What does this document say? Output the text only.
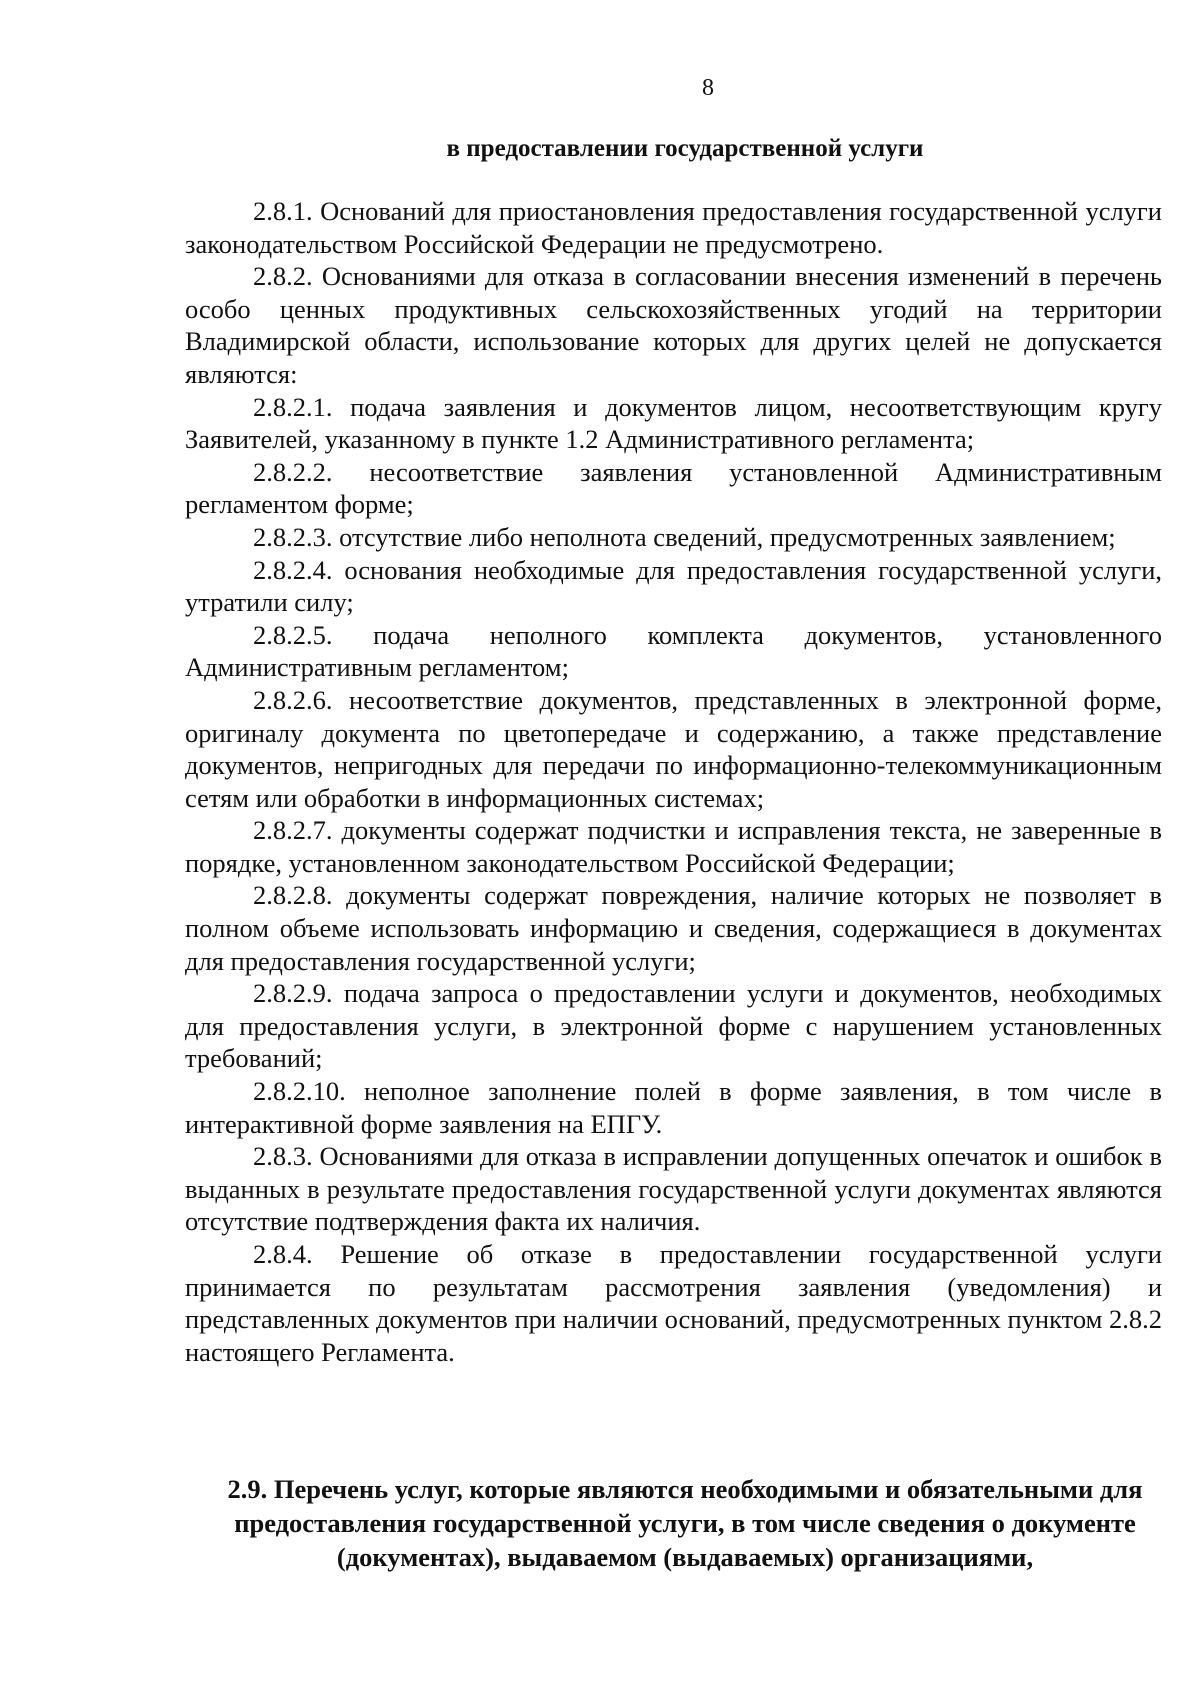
8
в предоставлении государственной услуги

2.8.1. Оснований для приостановления предоставления государственной услуги законодательством Российской Федерации не предусмотрено.

2.8.2. Основаниями для отказа в согласовании внесения изменений в перечень особо ценных продуктивных сельскохозяйственных угодий на территории Владимирской области, использование которых для других целей не допускается являются:

2.8.2.1. подача заявления и документов лицом, несоответствующим кругу Заявителей, указанному в пункте 1.2 Административного регламента;

2.8.2.2. несоответствие заявления установленной Административным регламентом форме;

2.8.2.3. отсутствие либо неполнота сведений, предусмотренных заявлением;

2.8.2.4. основания необходимые для предоставления государственной услуги, утратили силу;

2.8.2.5. подача неполного комплекта документов, установленного Административным регламентом;

2.8.2.6. несоответствие документов, представленных в электронной форме, оригиналу документа по цветопередаче и содержанию, а также представление документов, непригодных для передачи по информационно-телекоммуникационным сетям или обработки в информационных системах;

2.8.2.7. документы содержат подчистки и исправления текста, не заверенные в порядке, установленном законодательством Российской Федерации;

2.8.2.8. документы содержат повреждения, наличие которых не позволяет в полном объеме использовать информацию и сведения, содержащиеся в документах для предоставления государственной услуги;

2.8.2.9. подача запроса о предоставлении услуги и документов, необходимых для предоставления услуги, в электронной форме с нарушением установленных требований;

2.8.2.10. неполное заполнение полей в форме заявления, в том числе в интерактивной форме заявления на ЕПГУ.

2.8.3. Основаниями для отказа в исправлении допущенных опечаток и ошибок в выданных в результате предоставления государственной услуги документах являются отсутствие подтверждения факта их наличия.

2.8.4. Решение об отказе в предоставлении государственной услуги принимается по результатам рассмотрения заявления (уведомления) и представленных документов при наличии оснований, предусмотренных пунктом 2.8.2 настоящего Регламента.

2.9. Перечень услуг, которые являются необходимыми и обязательными для предоставления государственной услуги, в том числе сведения о документе (документах), выдаваемом (выдаваемых) организациями,
